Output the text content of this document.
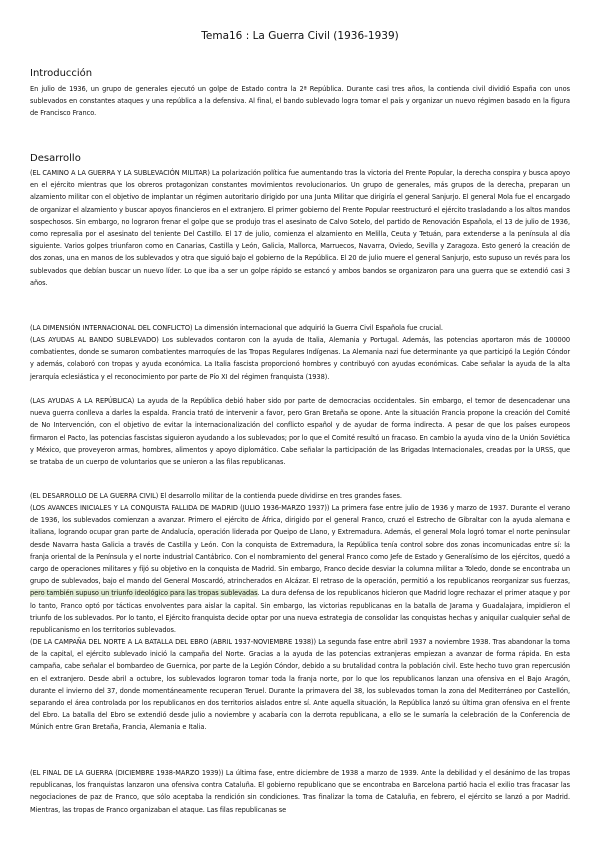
Tema16 : La Guerra Civil (1936-1939)
Introducción
En julio de 1936, un grupo de generales ejecutó un golpe de Estado contra la 2ª República. Durante casi tres años, la contienda civil dividió España con unos sublevados en constantes ataques y una república a la defensiva. Al final, el bando sublevado logra tomar el país y organizar un nuevo régimen basado en la figura de Francisco Franco.
Desarrollo
(EL CAMINO A LA GUERRA Y LA SUBLEVACIÓN MILITAR) La polarización política fue aumentando tras la victoria del Frente Popular, la derecha conspira y busca apoyo en el ejército mientras que los obreros protagonizan constantes movimientos revolucionarios. Un grupo de generales, más grupos de la derecha, preparan un alzamiento militar con el objetivo de implantar un régimen autoritario dirigido por una Junta Militar que dirigiría el general Sanjurjo. El general Mola fue el encargado de organizar el alzamiento y buscar apoyos financieros en el extranjero. El primer gobierno del Frente Popular reestructuró el ejército trasladando a los altos mandos sospechosos. Sin embargo, no lograron frenar el golpe que se produjo tras el asesinato de Calvo Sotelo, del partido de Renovación Española, el 13 de julio de 1936, como represalia por el asesinato del teniente Del Castillo. El 17 de julio, comienza el alzamiento en Melilla, Ceuta y Tetuán, para extenderse a la península al día siguiente. Varios golpes triunfaron como en Canarias, Castilla y León, Galicia, Mallorca, Marruecos, Navarra, Oviedo, Sevilla y Zaragoza. Esto generó la creación de dos zonas, una en manos de los sublevados y otra que siguió bajo el gobierno de la República. El 20 de julio muere el general Sanjurjo, esto supuso un revés para los sublevados que debían buscar un nuevo líder. Lo que iba a ser un golpe rápido se estancó y ambos bandos se organizaron para una guerra que se extendió casi 3 años.
(LA DIMENSIÓN INTERNACIONAL DEL CONFLICTO) La dimensión internacional que adquirió la Guerra Civil Española fue crucial.
(LAS AYUDAS AL BANDO SUBLEVADO) Los sublevados contaron con la ayuda de Italia, Alemania y Portugal. Además, las potencias aportaron más de 100000 combatientes, donde se sumaron combatientes marroquíes de las Tropas Regulares Indígenas. La Alemania nazi fue determinante ya que participó la Legión Cóndor y además, colaboró con tropas y ayuda económica. La Italia fascista proporcionó hombres y contribuyó con ayudas económicas. Cabe señalar la ayuda de la alta jerarquía eclesiástica y el reconocimiento por parte de Pío XI del régimen franquista (1938).
(LAS AYUDAS A LA REPÚBLICA) La ayuda de la República debió haber sido por parte de democracias occidentales. Sin embargo, el temor de desencadenar una nueva guerra conlleva a darles la espalda. Francia trató de intervenir a favor, pero Gran Bretaña se opone. Ante la situación Francia propone la creación del Comité de No Intervención, con el objetivo de evitar la internacionalización del conflicto español y de ayudar de forma indirecta. A pesar de que los países europeos firmaron el Pacto, las potencias fascistas siguieron ayudando a los sublevados; por lo que el Comité resultó un fracaso. En cambio la ayuda vino de la Unión Soviética y México, que proveyeron armas, hombres, alimentos y apoyo diplomático. Cabe señalar la participación de las Brigadas Internacionales, creadas por la URSS, que se trataba de un cuerpo de voluntarios que se unieron a las filas republicanas.
(EL DESARROLLO DE LA GUERRA CIVIL) El desarrollo militar de la contienda puede dividirse en tres grandes fases.
(LOS AVANCES INICIALES Y LA CONQUISTA FALLIDA DE MADRID (JULIO 1936-MARZO 1937)) La primera fase entre julio de 1936 y marzo de 1937. Durante el verano de 1936, los sublevados comienzan a avanzar. Primero el ejército de África, dirigido por el general Franco, cruzó el Estrecho de Gibraltar con la ayuda alemana e italiana, logrando ocupar gran parte de Andalucía, operación liderada por Queipo de Llano, y Extremadura. Además, el general Mola logró tomar el norte peninsular desde Navarra hasta Galicia a través de Castilla y León. Con la conquista de Extremadura, la República tenía control sobre dos zonas incomunicadas entre sí: la franja oriental de la Península y el norte industrial Cantábrico. Con el nombramiento del general Franco como Jefe de Estado y Generalísimo de los ejércitos, quedó a cargo de operaciones militares y fijó su objetivo en la conquista de Madrid. Sin embargo, Franco decide desviar la columna militar a Toledo, donde se encontraba un grupo de sublevados, bajo el mando del General Moscardó, atrincherados en Alcázar. El retraso de la operación, permitió a los republicanos reorganizar sus fuerzas, pero también supuso un triunfo ideológico para las tropas sublevadas. La dura defensa de los republicanos hicieron que Madrid logre rechazar el primer ataque y por lo tanto, Franco optó por tácticas envolventes para aislar la capital. Sin embargo, las victorias republicanas en la batalla de Jarama y Guadalajara, impidieron el triunfo de los sublevados. Por lo tanto, el Ejército franquista decide optar por una nueva estrategia de consolidar las conquistas hechas y aniquilar cualquier señal de republicanismo en los territorios sublevados.
(DE LA CAMPAÑA DEL NORTE A LA BATALLA DEL EBRO (ABRIL 1937-NOVIEMBRE 1938)) La segunda fase entre abril 1937 a noviembre 1938. Tras abandonar la toma de la capital, el ejército sublevado inició la campaña del Norte. Gracias a la ayuda de las potencias extranjeras empiezan a avanzar de forma rápida. En esta campaña, cabe señalar el bombardeo de Guernica, por parte de la Legión Cóndor, debido a su brutalidad contra la población civil. Este hecho tuvo gran repercusión en el extranjero. Desde abril a octubre, los sublevados lograron tomar toda la franja norte, por lo que los republicanos lanzan una ofensiva en el Bajo Aragón, durante el invierno del 37, donde momentáneamente recuperan Teruel. Durante la primavera del 38, los sublevados toman la zona del Mediterráneo por Castellón, separando el área controlada por los republicanos en dos territorios aislados entre sí. Ante aquella situación, la República lanzó su última gran ofensiva en el frente del Ebro. La batalla del Ebro se extendió desde julio a noviembre y acabaría con la derrota republicana, a ello se le sumaría la celebración de la Conferencia de Múnich entre Gran Bretaña, Francia, Alemania e Italia.
(EL FINAL DE LA GUERRA (DICIEMBRE 1938-MARZO 1939)) La última fase, entre diciembre de 1938 a marzo de 1939. Ante la debilidad y el desánimo de las tropas republicanas, los franquistas lanzaron una ofensiva contra Cataluña. El gobierno republicano que se encontraba en Barcelona partió hacia el exilio tras fracasar las negociaciones de paz de Franco, que sólo aceptaba la rendición sin condiciones. Tras finalizar la toma de Cataluña, en febrero, el ejército se lanzó a por Madrid. Mientras, las tropas de Franco organizaban el ataque. Las filas republicanas se
